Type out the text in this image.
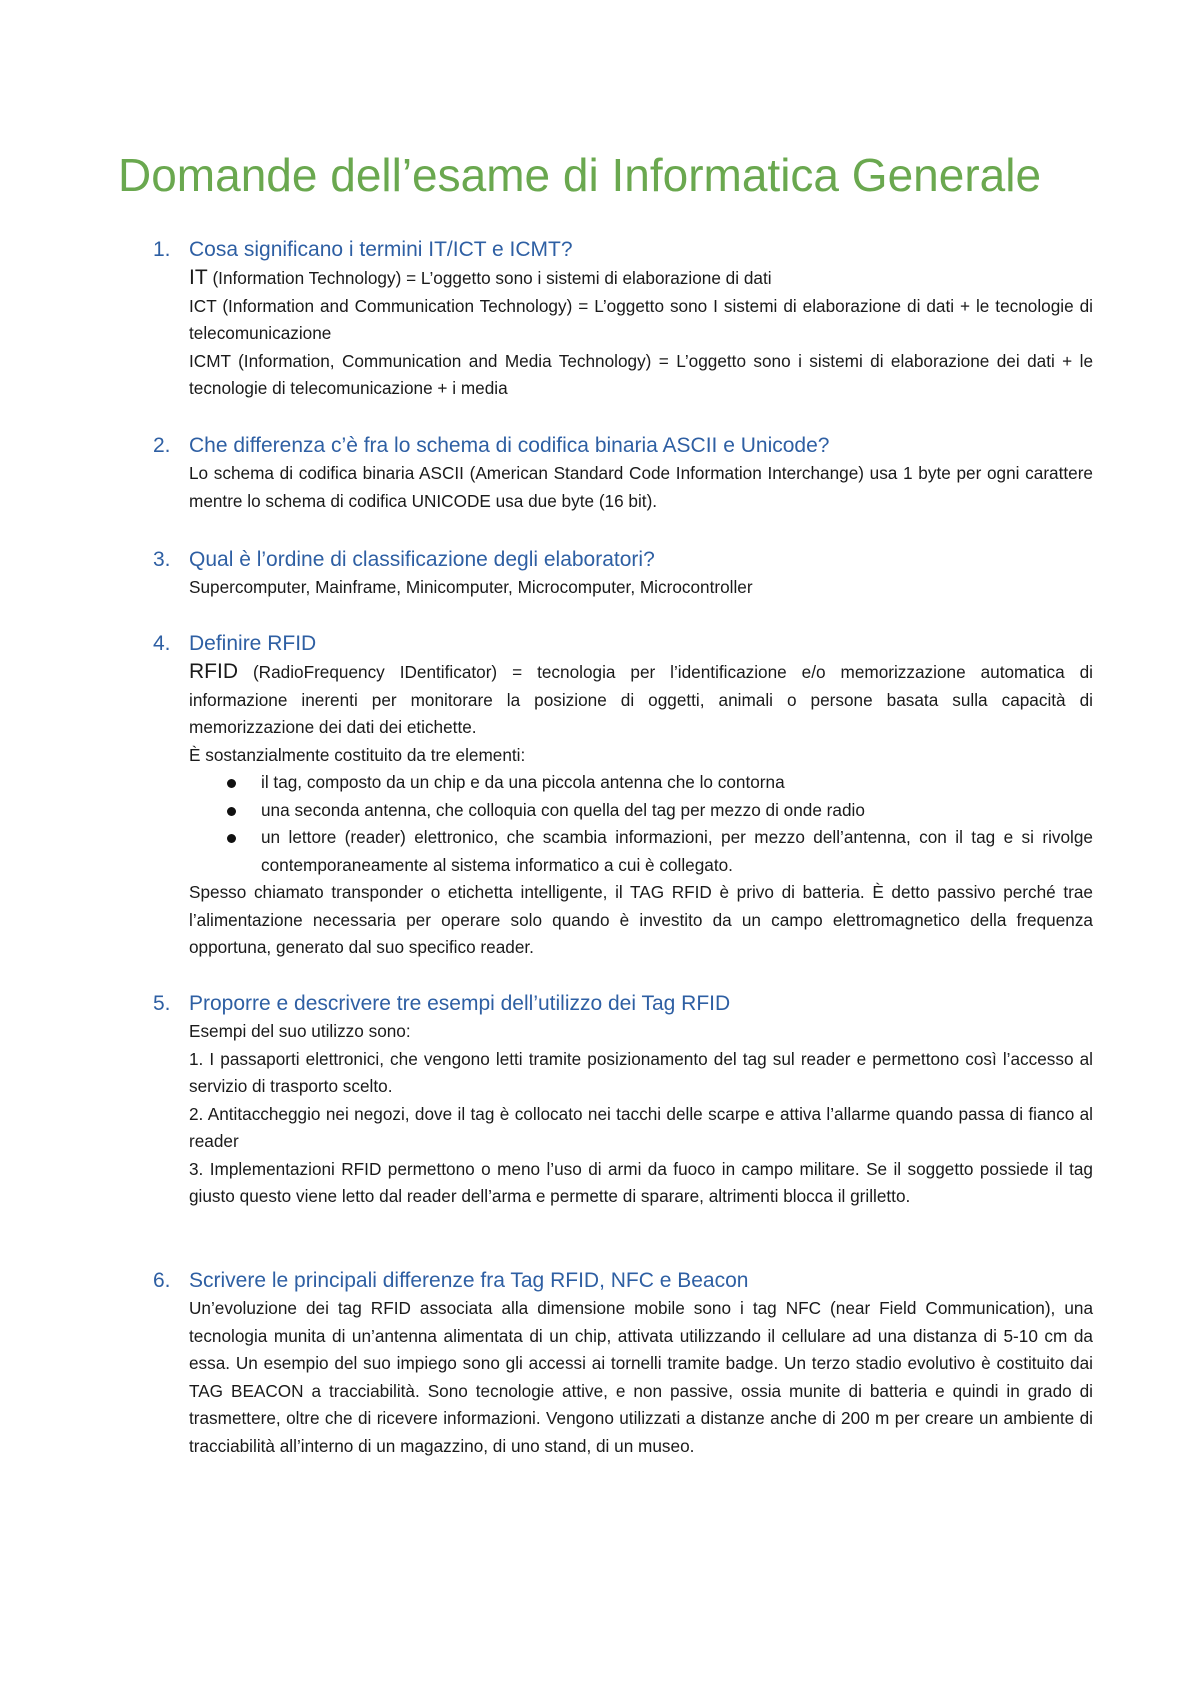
Domande dell’esame di Informatica Generale
1. Cosa significano i termini IT/ICT e ICMT?

IT (Information Technology) = L’oggetto sono i sistemi di elaborazione di dati

ICT (Information and Communication Technology) = L’oggetto sono I sistemi di elaborazione di dati + le tecnologie di telecomunicazione

ICMT (Information, Communication and Media Technology) = L’oggetto sono i sistemi di elaborazione dei dati + le tecnologie di telecomunicazione + i media

2. Che differenza c’è fra lo schema di codifica binaria ASCII e Unicode?

Lo schema di codifica binaria ASCII (American Standard Code Information Interchange) usa 1 byte per ogni carattere mentre lo schema di codifica UNICODE usa due byte (16 bit).

3. Qual è l’ordine di classificazione degli elaboratori?

Supercomputer, Mainframe, Minicomputer, Microcomputer, Microcontroller

4. Definire RFID

RFID (RadioFrequency IDentificator) = tecnologia per l’identificazione e/o memorizzazione automatica di informazione inerenti per monitorare la posizione di oggetti, animali o persone basata sulla capacità di memorizzazione dei dati dei etichette.

È sostanzialmente costituito da tre elementi:

il tag, composto da un chip e da una piccola antenna che lo contorna
una seconda antenna, che colloquia con quella del tag per mezzo di onde radio
un lettore (reader) elettronico, che scambia informazioni, per mezzo dell’antenna, con il tag e si rivolge contemporaneamente al sistema informatico a cui è collegato.

Spesso chiamato transponder o etichetta intelligente, il TAG RFID è privo di batteria. È detto passivo perché trae l’alimentazione necessaria per operare solo quando è investito da un campo elettromagnetico della frequenza opportuna, generato dal suo specifico reader.

5. Proporre e descrivere tre esempi dell’utilizzo dei Tag RFID

Esempi del suo utilizzo sono:

1. I passaporti elettronici, che vengono letti tramite posizionamento del tag sul reader e permettono così l’accesso al servizio di trasporto scelto.

2. Antitaccheggio nei negozi, dove il tag è collocato nei tacchi delle scarpe e attiva l’allarme quando passa di fianco al reader

3. Implementazioni RFID permettono o meno l’uso di armi da fuoco in campo militare. Se il soggetto possiede il tag giusto questo viene letto dal reader dell’arma e permette di sparare, altrimenti blocca il grilletto.

6. Scrivere le principali differenze fra Tag RFID, NFC e Beacon

Un’evoluzione dei tag RFID associata alla dimensione mobile sono i tag NFC (near Field Communication), una tecnologia munita di un’antenna alimentata di un chip, attivata utilizzando il cellulare ad una distanza di 5-10 cm da essa. Un esempio del suo impiego sono gli accessi ai tornelli tramite badge. Un terzo stadio evolutivo è costituito dai TAG BEACON a tracciabilità. Sono tecnologie attive, e non passive, ossia munite di batteria e quindi in grado di trasmettere, oltre che di ricevere informazioni. Vengono utilizzati a distanze anche di 200 m per creare un ambiente di tracciabilità all’interno di un magazzino, di uno stand, di un museo.
